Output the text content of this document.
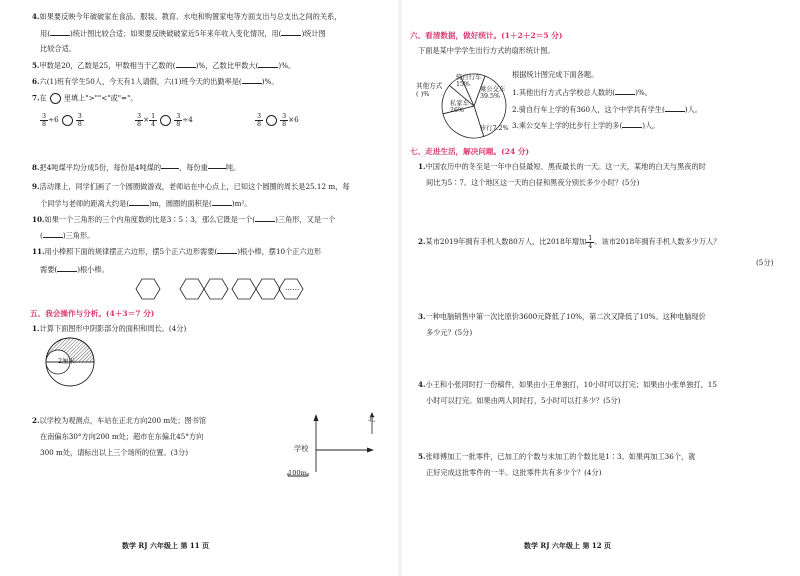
4.如果要反映今年破破家在食品、服装、教育、水电和购置家电等方面支出与总支出之间的关系，
用(	)统计图比较合适；如果要反映破破家近5年来年收入变化情况，用(	)统计图
比较合适。
5.甲数是20，乙数是25，甲数相当于乙数的(	)%，乙数比甲数大(	)%。
6.六(1)班有学生50人，今天有1人请假，六(1)班今天的出勤率是(	)%。
7.在 里填上">""<"或"="。
$\frac{3}{8} \div 6$	$\frac{3}{8}$	$\frac{3}{8} \times \frac{1}{4}$	$\frac{3}{8} \div 4$	$\frac{3}{8}$	$\frac{3}{8} \times 6$
8.把4吨煤平均分成5份，每份是4吨煤的

	，每份重

	吨。
9.活动课上，同学们画了一个圆圈做游戏，老师站在中心点上，已知这个圆圈的周长是25.12 m，每
个同学与老师的距离大约是(	)m，圆圈的面积是(	)m²。
10.如果一个三角形的三个内角度数的比是3∶5∶3，那么它既是一个(	)三角形，又是一个
(	)三角形。
11.用小棒照下面的规律摆正六边形，摆5个正六边形需要(	)根小棒，摆10个正六边形
需要(	)根小棒。
……
五、我会操作与分析。(4＋3＝7 分)
1.计算下面图形中阴影部分的面积和周长。(4分)
2厘米
2.以学校为观测点，车站在正北方向200 m处；图书馆
在南偏东30°方向200 m处；超市在东偏北45°方向
300 m处，请标出以上三个场所的位置。(3分)
北
学校
100m
数学 RJ 六年级上 第 11 页
六、看清数据，做好统计。(1＋2＋2＝5 分)
下面是某中学学生出行方式的扇形统计图。
其他方式
( )%
骑自行车
15%
乘公交车
39.5%
私家车
26%
步行7.2%
根据统计图完成下面各题。
1.其他出行方式占学校总人数的(	)%。
2.骑自行车上学的有360人，这个中学共有学生(	)人。
3.乘公交车上学的比步行上学的多(	)人。
七、走进生活，解决问题。(24 分)
1.中国农历中的冬至是一年中白昼最短、黑夜最长的一天。这一天，某地的白天与黑夜的时
间比为5∶7。这个地区这一天的白昼和黑夜分别长多少小时？(5分)
2.某市2019年拥有手机人数80万人，比2018年增加 $\frac{1}{4}$ 。该市2018年拥有手机人数多少万人？
(5分)
3.一种电脑销售中第一次比原价3600元降低了10%，第二次又降低了10%。这种电脑现价
多少元？(5分)
4.小王和小张同时打一份稿件，如果由小王单独打，10小时可以打完；如果由小张单独打，15
小时可以打完。如果由两人同时打，5小时可以打多少？(5分)
5.张师傅加工一批零件，已加工的个数与未加工的个数比是1∶3。如果再加工36个，就
正好完成这批零件的一半。这批零件共有多少个？(4分)
数学 RJ 六年级上 第 12 页
